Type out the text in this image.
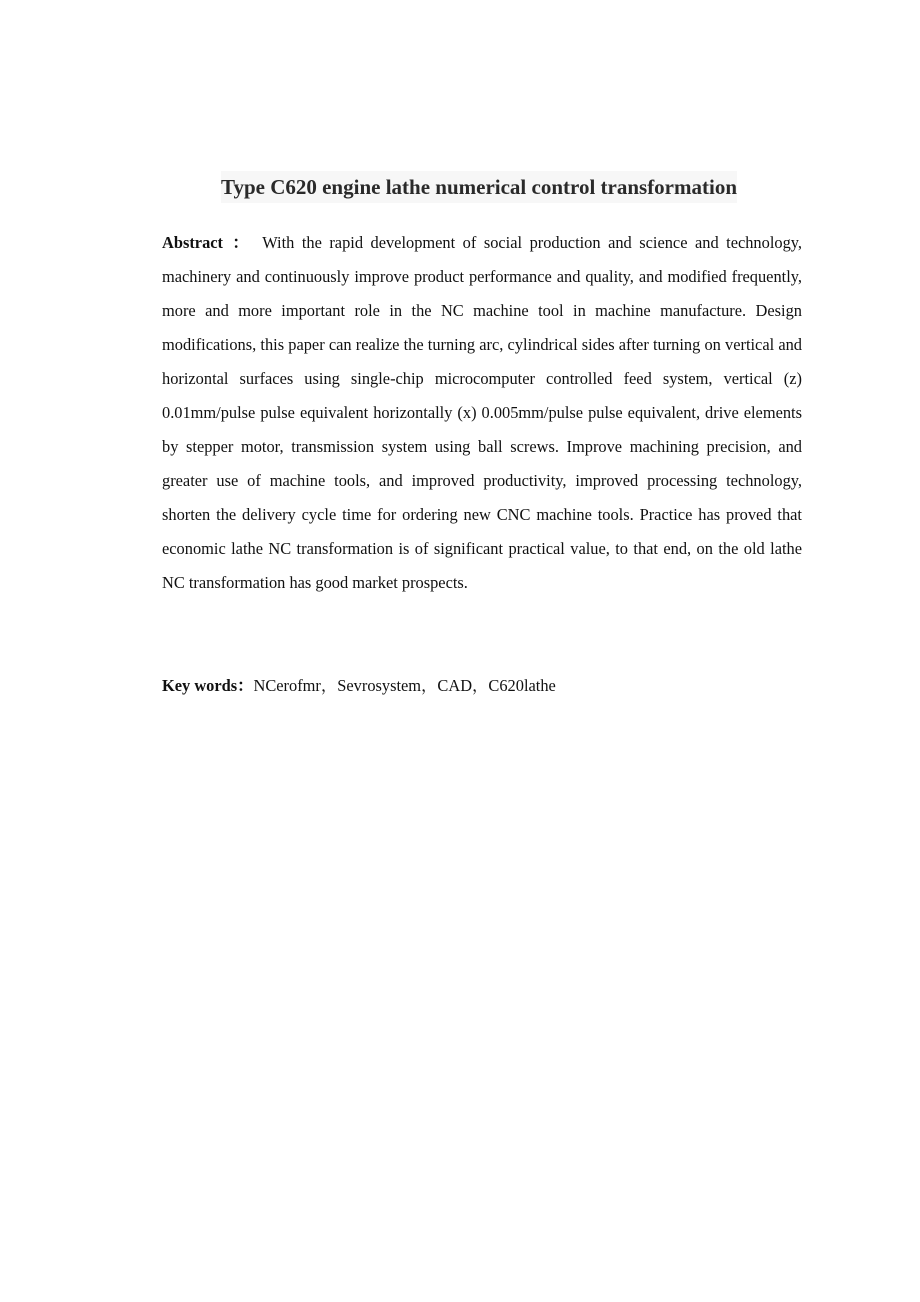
Type C620 engine lathe numerical control transformation

Abstract ： With the rapid development of social production and science and technology, machinery and continuously improve product performance and quality, and modified frequently, more and more important role in the NC machine tool in machine manufacture. Design modifications, this paper can realize the turning arc, cylindrical sides after turning on vertical and horizontal surfaces using single-chip microcomputer controlled feed system, vertical (z) 0.01mm/pulse pulse equivalent horizontally (x) 0.005mm/pulse pulse equivalent, drive elements by stepper motor, transmission system using ball screws. Improve machining precision, and greater use of machine tools, and improved productivity, improved processing technology, shorten the delivery cycle time for ordering new CNC machine tools. Practice has proved that economic lathe NC transformation is of significant practical value, to that end, on the old lathe NC transformation has good market prospects.

Key words：NCerofmr，Sevrosystem，CAD，C620lathe
